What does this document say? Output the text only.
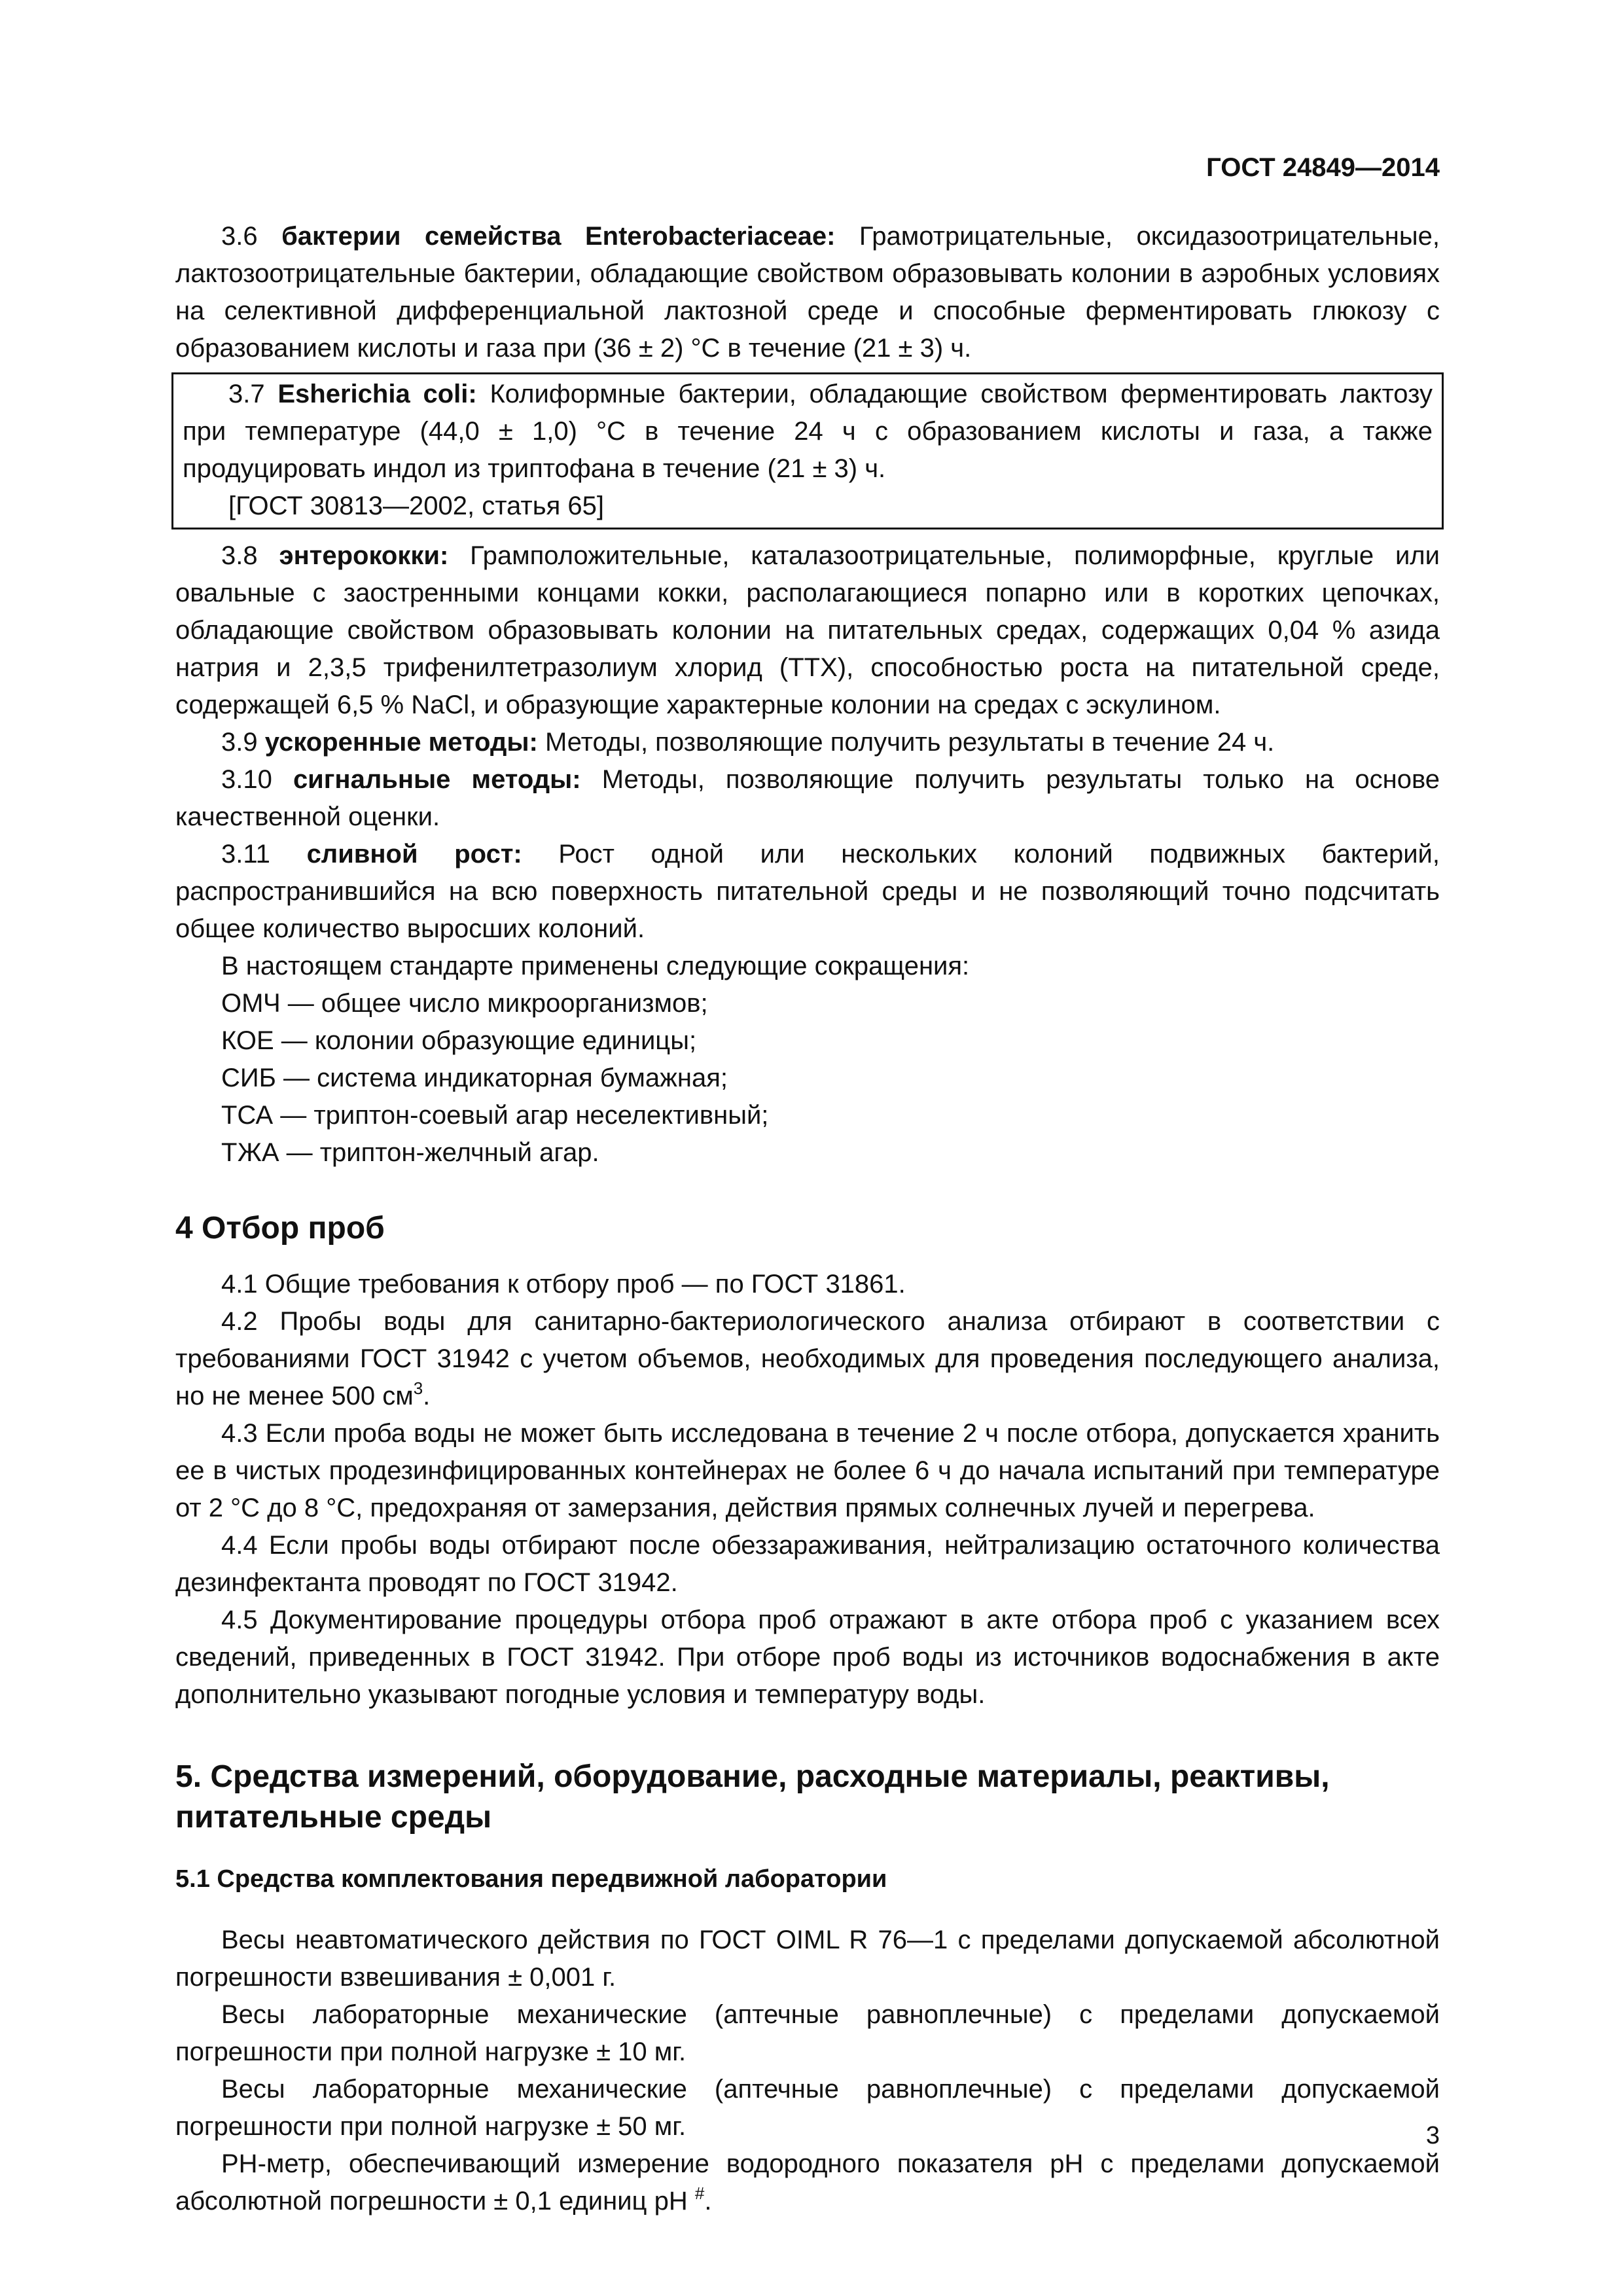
ГОСТ 24849—2014

3.6 бактерии семейства Enterobacteriaceae: Грамотрицательные, оксидазоотрицательные, лактозоотрицательные бактерии, обладающие свойством образовывать колонии в аэробных условиях на селективной дифференциальной лактозной среде и способные ферментировать глюкозу с образованием кислоты и газа при (36 ± 2) °С в течение (21 ± 3) ч.

3.7 Esherichia coli: Колиформные бактерии, обладающие свойством ферментировать лактозу при температуре (44,0 ± 1,0) °С в течение 24 ч с образованием кислоты и газа, а также продуцировать индол из триптофана в течение (21 ± 3) ч.

[ГОСТ 30813—2002, статья 65]

3.8 энтерококки: Грамположительные, каталазоотрицательные, полиморфные, круглые или овальные с заостренными концами кокки, располагающиеся попарно или в коротких цепочках, обладающие свойством образовывать колонии на питательных средах, содержащих 0,04 % азида натрия и 2,3,5 трифенилтетразолиум хлорид (ТТХ), способностью роста на питательной среде, содержащей 6,5 % NaCl, и образующие характерные колонии на средах с эскулином.

3.9 ускоренные методы: Методы, позволяющие получить результаты в течение 24 ч.

3.10 сигнальные методы: Методы, позволяющие получить результаты только на основе качественной оценки.

3.11 сливной рост: Рост одной или нескольких колоний подвижных бактерий, распространившийся на всю поверхность питательной среды и не позволяющий точно подсчитать общее количество выросших колоний.

В настоящем стандарте применены следующие сокращения:

ОМЧ — общее число микроорганизмов;

КОЕ — колонии образующие единицы;

СИБ — система индикаторная бумажная;

ТСА — триптон-соевый агар неселективный;

ТЖА — триптон-желчный агар.

4 Отбор проб

4.1 Общие требования к отбору проб — по ГОСТ 31861.

4.2 Пробы воды для санитарно-бактериологического анализа отбирают в соответствии с требованиями ГОСТ 31942 с учетом объемов, необходимых для проведения последующего анализа, но не менее 500 $см^3$.

4.3 Если проба воды не может быть исследована в течение 2 ч после отбора, допускается хранить ее в чистых продезинфицированных контейнерах не более 6 ч до начала испытаний при температуре от 2 °С до 8 °С, предохраняя от замерзания, действия прямых солнечных лучей и перегрева.

4.4 Если пробы воды отбирают после обеззараживания, нейтрализацию остаточного количества дезинфектанта проводят по ГОСТ 31942.

4.5 Документирование процедуры отбора проб отражают в акте отбора проб с указанием всех сведений, приведенных в ГОСТ 31942. При отборе проб воды из источников водоснабжения в акте дополнительно указывают погодные условия и температуру воды.

5. Средства измерений, оборудование, расходные материалы, реактивы, питательные среды
5.1 Средства комплектования передвижной лаборатории

Весы неавтоматического действия по ГОСТ OIML R 76—1 с пределами допускаемой абсолютной погрешности взвешивания ± 0,001 г.

Весы лабораторные механические (аптечные равноплечные) с пределами допускаемой погрешности при полной нагрузке ± 10 мг.

Весы лабораторные механические (аптечные равноплечные) с пределами допускаемой погрешности при полной нагрузке ± 50 мг.

PH-метр, обеспечивающий измерение водородного показателя pH с пределами допускаемой абсолютной погрешности ± 0,1 единиц pH #.

3
